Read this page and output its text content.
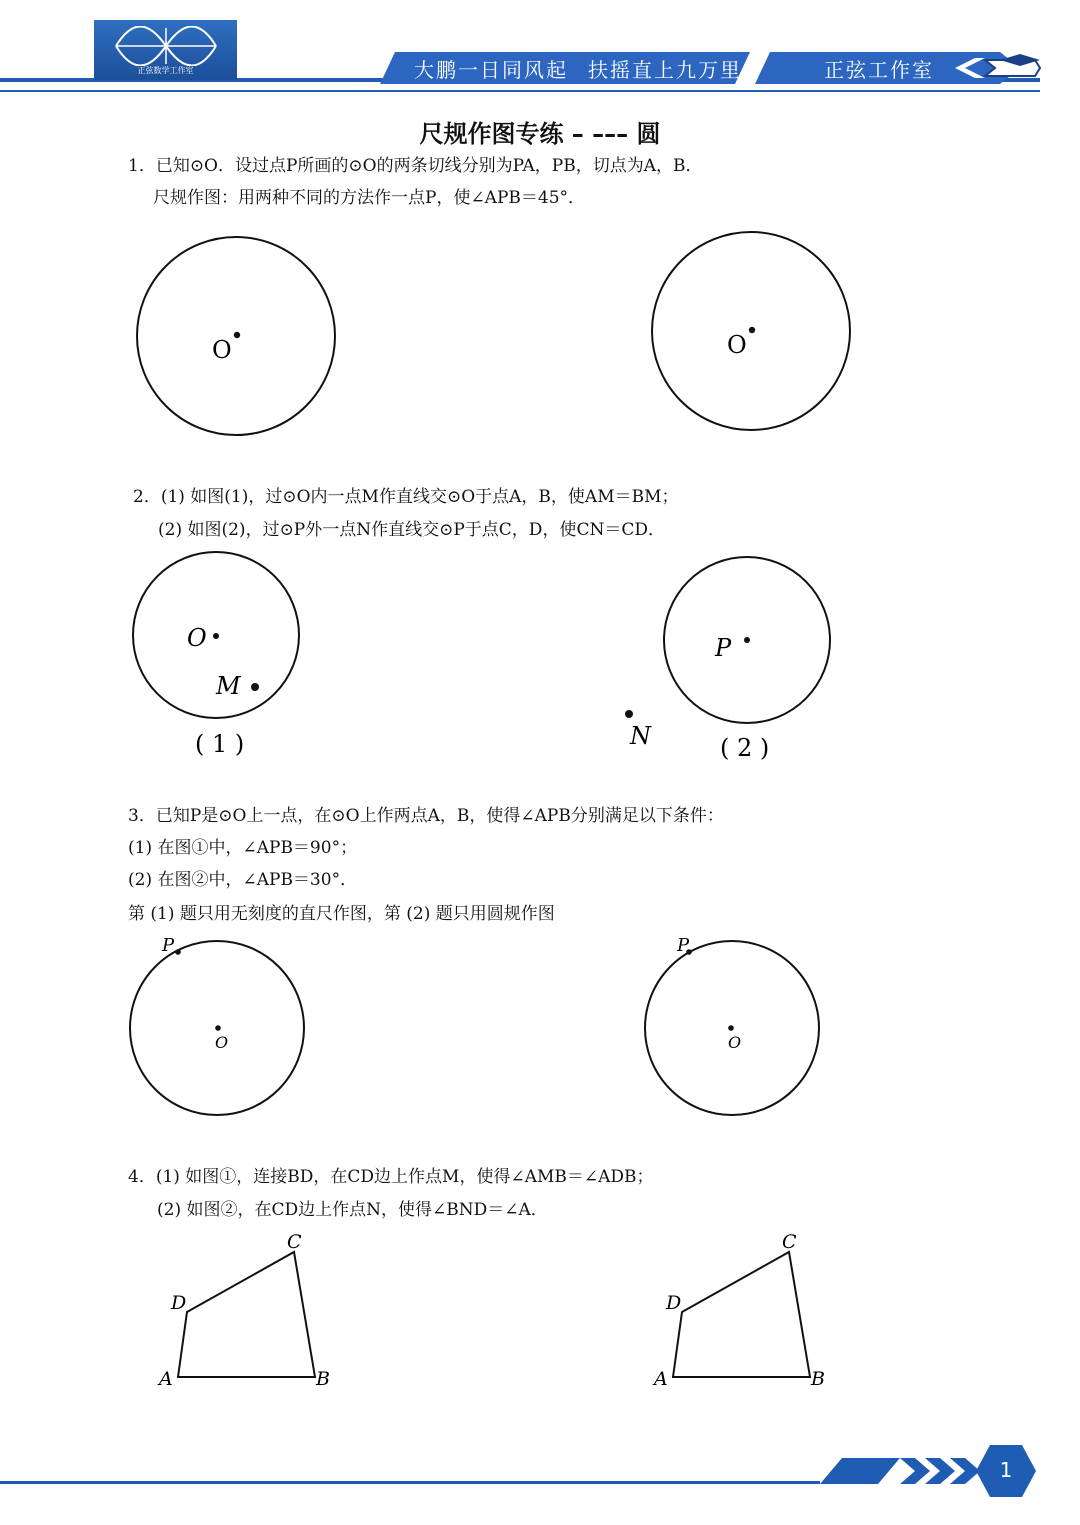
正弦数学工作室	大鹏一日同风起 扶摇直上九万里	正弦工作室
尺规作图专练 – ––– 圆
1．已知⊙O．设过点P所画的⊙O的两条切线分别为PA，PB，切点为A，B．
尺规作图：用两种不同的方法作一点P，使∠APB＝45°．
O	O
2．(1) 如图(1)，过⊙O内一点M作直线交⊙O于点A，B，使AM＝BM；
(2) 如图(2)，过⊙P外一点N作直线交⊙P于点C，D，使CN＝CD．
O
M
( 1 )
P
N	( 2 )
3．已知P是⊙O上一点，在⊙O上作两点A，B，使得∠APB分别满足以下条件：
(1) 在图①中，∠APB＝90°；
(2) 在图②中，∠APB＝30°．
第 (1) 题只用无刻度的直尺作图，第 (2) 题只用圆规作图
P
O
P
O
4．(1) 如图①，连接BD，在CD边上作点M，使得∠AMB＝∠ADB；
(2) 如图②，在CD边上作点N，使得∠BND＝∠A．
A	B
C
D
A	B
C
D
1
